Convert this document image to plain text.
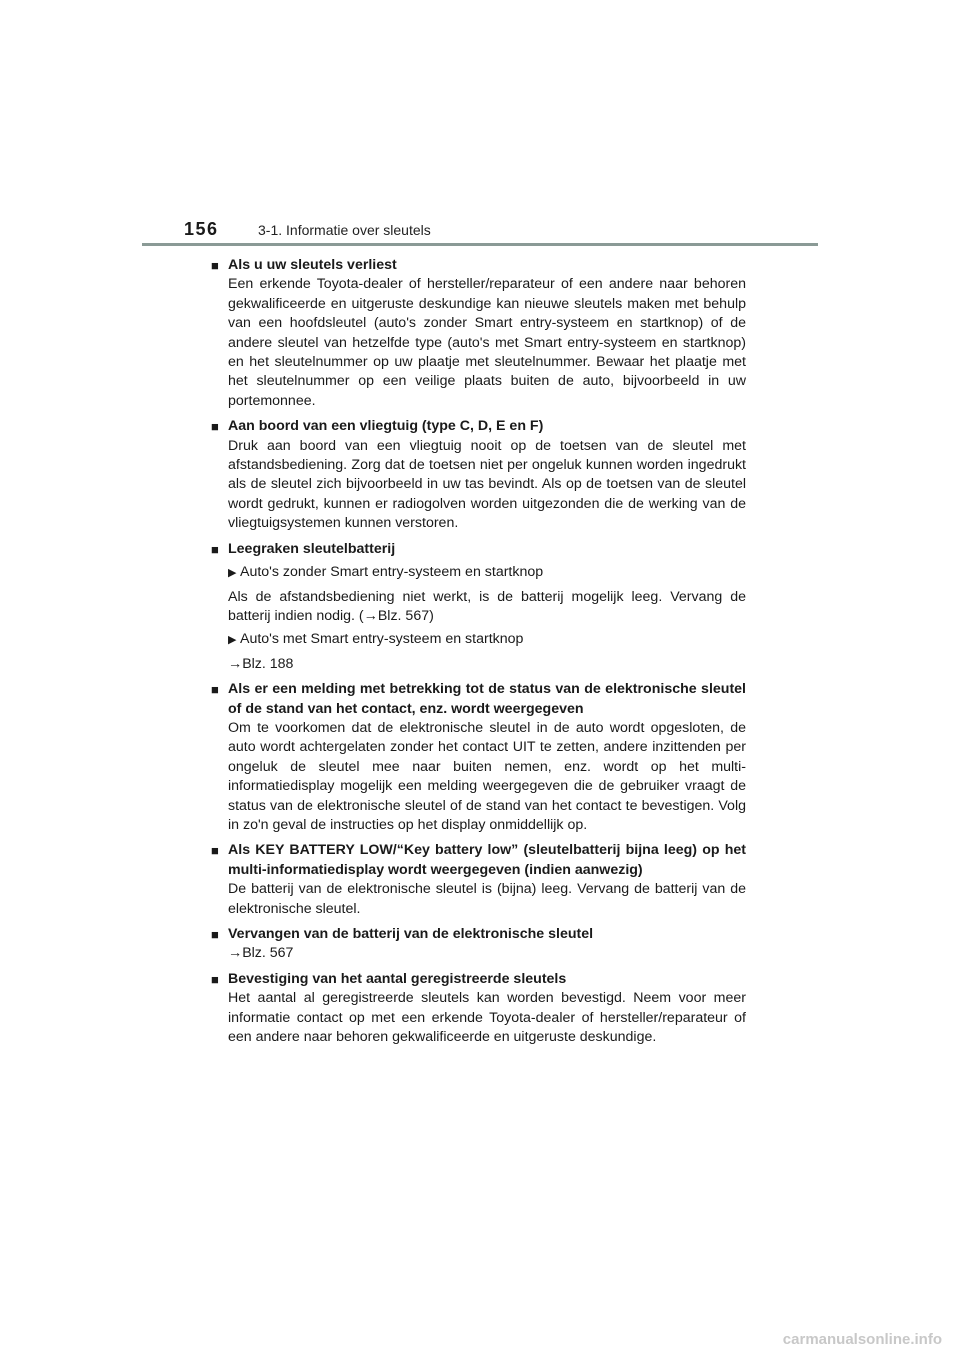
156	3-1. Informatie over sleutels
■ Als u uw sleutels verliest
Een erkende Toyota-dealer of hersteller/reparateur of een andere naar behoren gekwalificeerde en uitgeruste deskundige kan nieuwe sleutels maken met behulp van een hoofdsleutel (auto's zonder Smart entry-systeem en startknop) of de andere sleutel van hetzelfde type (auto's met Smart entry-systeem en startknop) en het sleutelnummer op uw plaatje met sleutelnummer. Bewaar het plaatje met het sleutelnummer op een veilige plaats buiten de auto, bijvoorbeeld in uw portemonnee.
■ Aan boord van een vliegtuig (type C, D, E en F)
Druk aan boord van een vliegtuig nooit op de toetsen van de sleutel met afstandsbediening. Zorg dat de toetsen niet per ongeluk kunnen worden ingedrukt als de sleutel zich bijvoorbeeld in uw tas bevindt. Als op de toetsen van de sleutel wordt gedrukt, kunnen er radiogolven worden uitgezonden die de werking van de vliegtuigsystemen kunnen verstoren.
■ Leegraken sleutelbatterij
▶ Auto's zonder Smart entry-systeem en startknop
Als de afstandsbediening niet werkt, is de batterij mogelijk leeg. Vervang de batterij indien nodig. (→Blz. 567)
▶ Auto's met Smart entry-systeem en startknop
→Blz. 188
■ Als er een melding met betrekking tot de status van de elektronische sleutel of de stand van het contact, enz. wordt weergegeven
Om te voorkomen dat de elektronische sleutel in de auto wordt opgesloten, de auto wordt achtergelaten zonder het contact UIT te zetten, andere inzittenden per ongeluk de sleutel mee naar buiten nemen, enz. wordt op het multi-informatiedisplay mogelijk een melding weergegeven die de gebruiker vraagt de status van de elektronische sleutel of de stand van het contact te bevestigen. Volg in zo'n geval de instructies op het display onmiddellijk op.
■ Als KEY BATTERY LOW/“Key battery low” (sleutelbatterij bijna leeg) op het multi-informatiedisplay wordt weergegeven (indien aanwezig)
De batterij van de elektronische sleutel is (bijna) leeg. Vervang de batterij van de elektronische sleutel.
■ Vervangen van de batterij van de elektronische sleutel
→Blz. 567
■ Bevestiging van het aantal geregistreerde sleutels
Het aantal al geregistreerde sleutels kan worden bevestigd. Neem voor meer informatie contact op met een erkende Toyota-dealer of hersteller/reparateur of een andere naar behoren gekwalificeerde en uitgeruste deskundige.
carmanualsonline.info
